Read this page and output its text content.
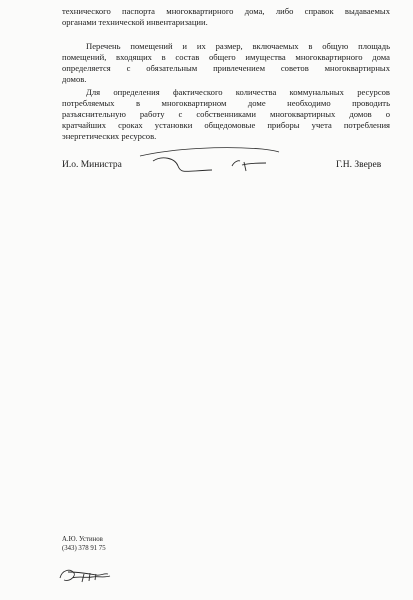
технического паспорта многоквартирного дома, либо справок выдаваемых
органами технической инвентаризации.
Перечень помещений и их размер, включаемых в общую площадь
помещений, входящих в состав общего имущества многоквартирного дома
определяется с обязательным привлечением советов многоквартирных
домов.
Для определения фактического количества коммунальных ресурсов
потребляемых в многоквартирном доме необходимо проводить
разъяснительную работу с собственниками многоквартирных домов о
кратчайших сроках установки общедомовые приборы учета потребления
энергетических ресурсов.
И.о. Министра	Г.Н. Зверев
А.Ю. Устинов
(343) 378 91 75
